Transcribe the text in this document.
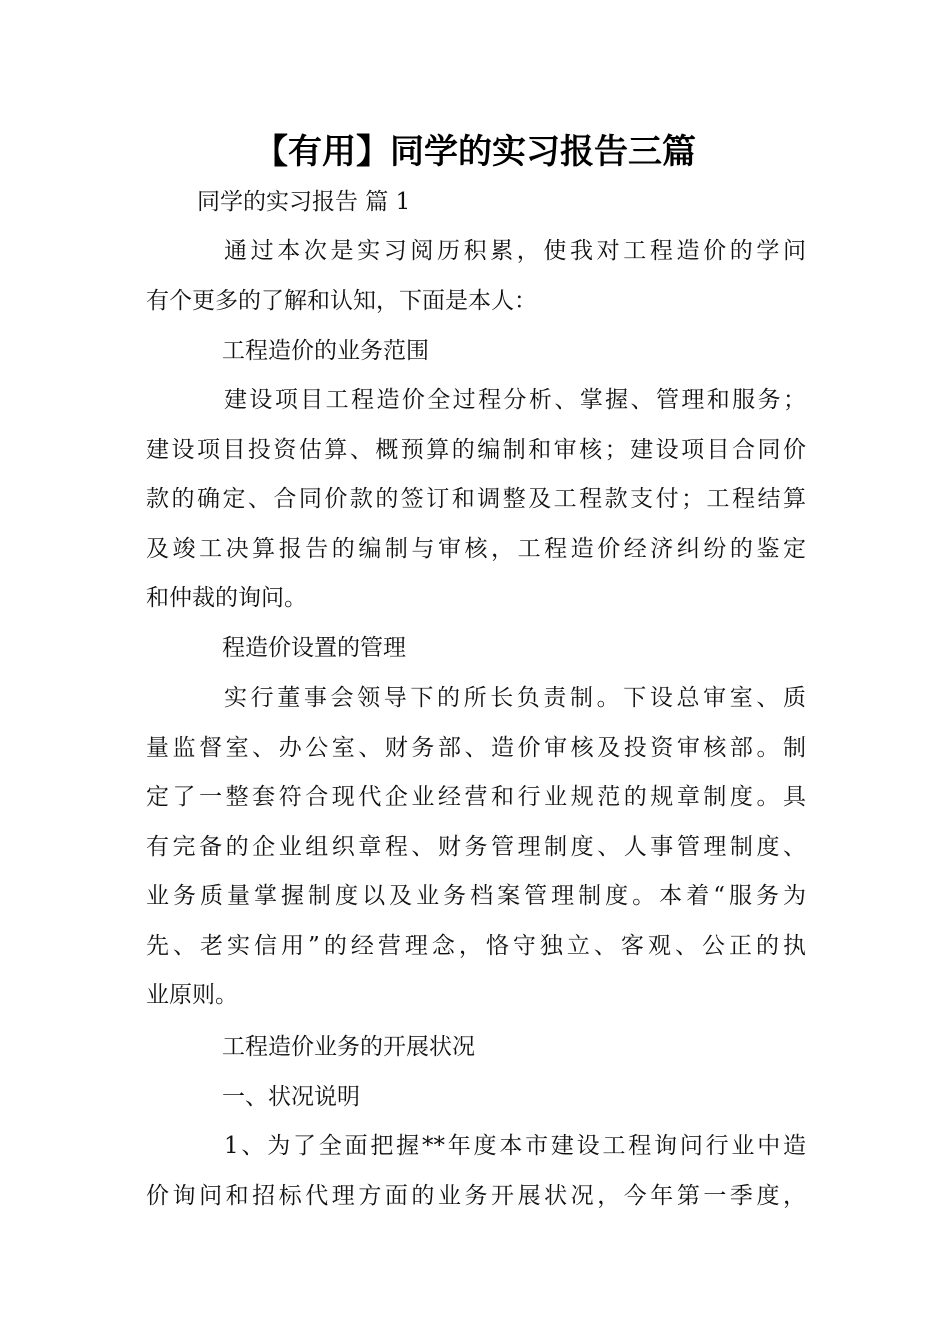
【有用】同学的实习报告三篇
同学的实习报告 篇 1
通过本次是实习阅历积累，使我对工程造价的学问
有个更多的了解和认知，下面是本人：
工程造价的业务范围
建设项目工程造价全过程分析、掌握、管理和服务；
建设项目投资估算、概预算的编制和审核；建设项目合同价
款的确定、合同价款的签订和调整及工程款支付；工程结算
及竣工决算报告的编制与审核，工程造价经济纠纷的鉴定
和仲裁的询问。
程造价设置的管理
实行董事会领导下的所长负责制。下设总审室、质
量监督室、办公室、财务部、造价审核及投资审核部。制
定了一整套符合现代企业经营和行业规范的规章制度。具
有完备的企业组织章程、财务管理制度、人事管理制度、
业务质量掌握制度以及业务档案管理制度。本着“服务为
先、老实信用”的经营理念，恪守独立、客观、公正的执
业原则。
工程造价业务的开展状况
一、状况说明
1、为了全面把握**年度本市建设工程询问行业中造
价询问和招标代理方面的业务开展状况，今年第一季度，
